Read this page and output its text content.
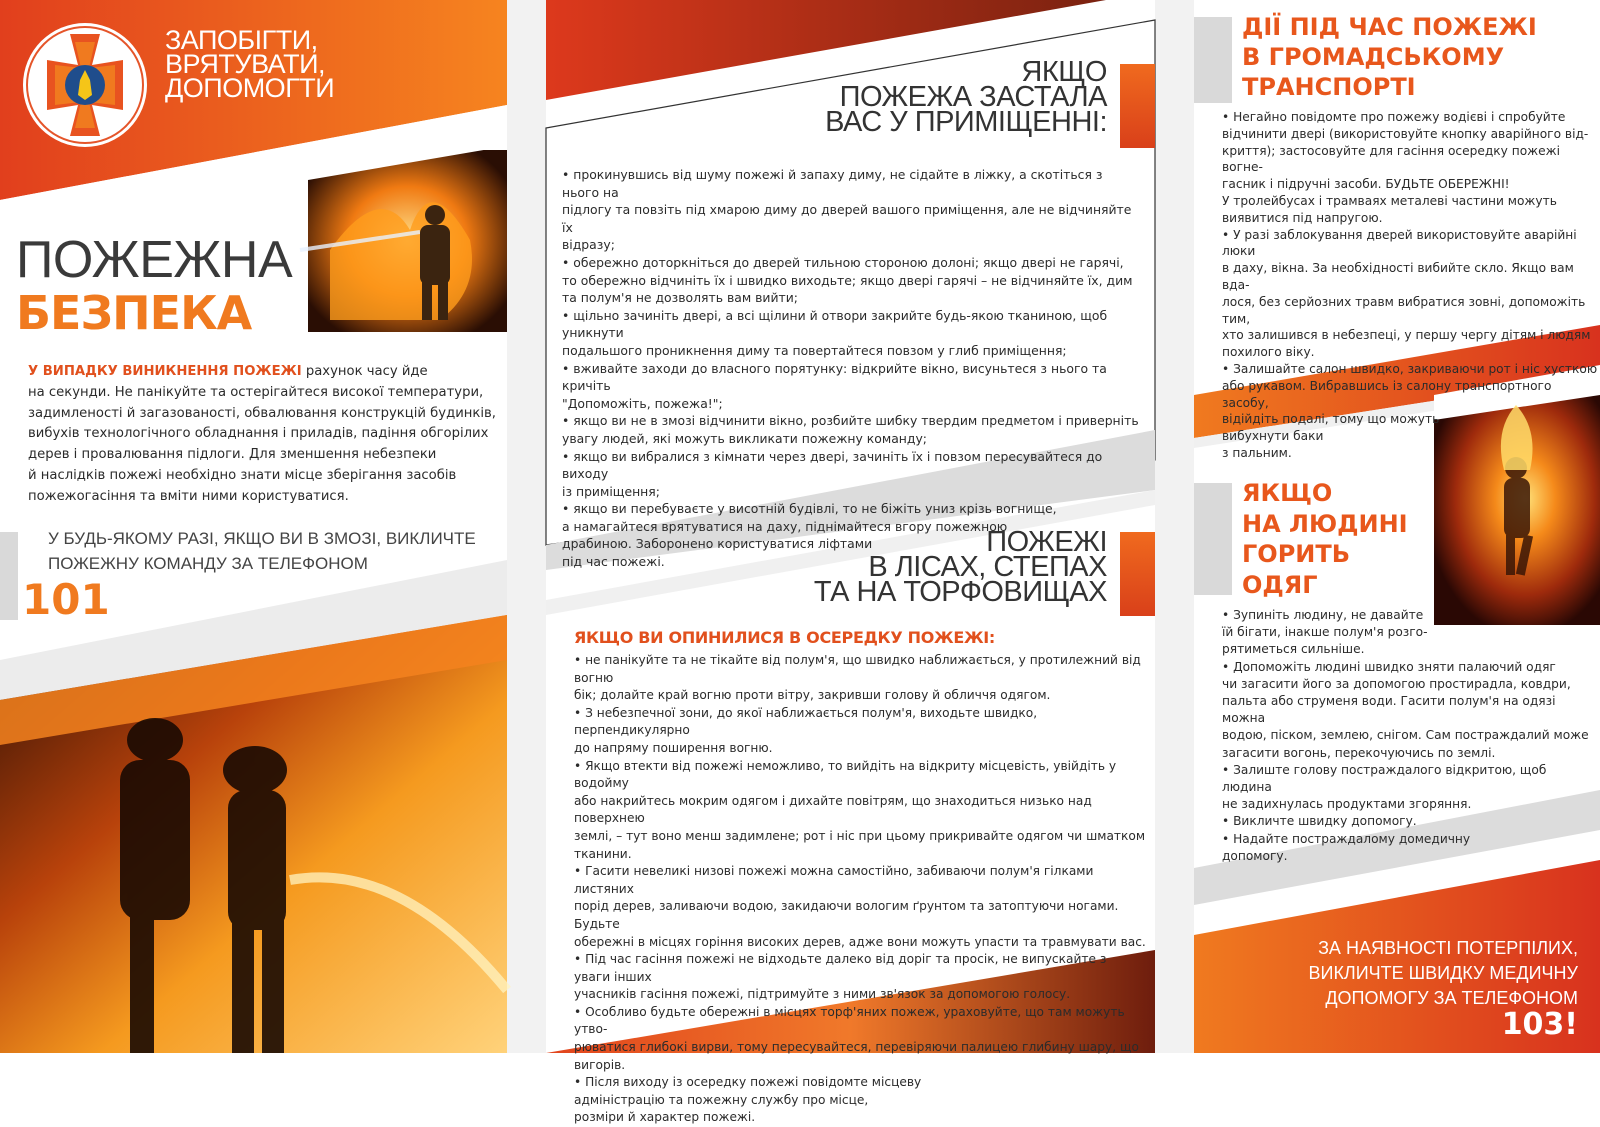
ЗАПОБІГТИ,
ВРЯТУВАТИ,
ДОПОМОГТИ
ПОЖЕЖНА
БЕЗПЕКА
У ВИПАДКУ ВИНИКНЕННЯ ПОЖЕЖІ рахунок часу йде
на секунди. Не панікуйте та остерігайтеся високої температури,
задимленості й загазованості, обвалювання конструкцій будинків,
вибухів технологічного обладнання і приладів, падіння обгорілих
дерев і провалювання підлоги. Для зменшення небезпеки
й наслідків пожежі необхідно знати місце зберігання засобів
пожежогасіння та вміти ними користуватися.
У БУДЬ-ЯКОМУ РАЗІ, ЯКЩО ВИ В ЗМОЗІ, ВИКЛИЧТЕ
ПОЖЕЖНУ КОМАНДУ ЗА ТЕЛЕФОНОМ
101
ЯКЩО
ПОЖЕЖА ЗАСТАЛА
ВАС У ПРИМІЩЕННІ:
• прокинувшись від шуму пожежі й запаху диму, не сідайте в ліжку, а скотіться з нього на
підлогу та повзіть під хмарою диму до дверей вашого приміщення, але не відчиняйте їх
відразу;
• обережно доторкніться до дверей тильною стороною долоні; якщо двері не гарячі,
то обережно відчиніть їх і швидко виходьте; якщо двері гарячі – не відчиняйте їх, дим
та полум'я не дозволять вам вийти;
• щільно зачиніть двері, а всі щілини й отвори закрийте будь-якою тканиною, щоб уникнути
подальшого проникнення диму та повертайтеся повзом у глиб приміщення;
• вживайте заходи до власного порятунку: відкрийте вікно, висуньтеся з нього та кричіть
"Допоможіть, пожежа!";
• якщо ви не в змозі відчинити вікно, розбийте шибку твердим предметом і приверніть
увагу людей, які можуть викликати пожежну команду;
• якщо ви вибралися з кімнати через двері, зачиніть їх і повзом пересувайтеся до виходу
із приміщення;
• якщо ви перебуваєте у висотній будівлі, то не біжіть униз крізь вогнище,
а намагайтеся врятуватися на даху, піднімайтеся вгору пожежною
драбиною. Заборонено користуватися ліфтами
під час пожежі.
ПОЖЕЖІ
В ЛІСАХ, СТЕПАХ
ТА НА ТОРФОВИЩАХ
ЯКЩО ВИ ОПИНИЛИСЯ В ОСЕРЕДКУ ПОЖЕЖІ:
• не панікуйте та не тікайте від полум'я, що швидко наближається, у протилежний від вогню
бік; долайте край вогню проти вітру, закривши голову й обличчя одягом.
• З небезпечної зони, до якої наближається полум'я, виходьте швидко, перпендикулярно
до напряму поширення вогню.
• Якщо втекти від пожежі неможливо, то вийдіть на відкриту місцевість, увійдіть у водойму
або накрийтесь мокрим одягом і дихайте повітрям, що знаходиться низько над поверхнею
землі, – тут воно менш задимлене; рот і ніс при цьому прикривайте одягом чи шматком
тканини.
• Гасити невеликі низові пожежі можна самостійно, забиваючи полум'я гілками листяних
порід дерев, заливаючи водою, закидаючи вологим ґрунтом та затоптуючи ногами. Будьте
обережні в місцях горіння високих дерев, адже вони можуть упасти та травмувати вас.
• Під час гасіння пожежі не відходьте далеко від доріг та просік, не випускайте з уваги інших
учасників гасіння пожежі, підтримуйте з ними зв'язок за допомогою голосу.
• Особливо будьте обережні в місцях торф'яних пожеж, ураховуйте, що там можуть утво-
рюватися глибокі вирви, тому пересувайтеся, перевіряючи палицею глибину шару, що
вигорів.
• Після виходу із осередку пожежі повідомте місцеву
адміністрацію та пожежну службу про місце,
розміри й характер пожежі.
ДІЇ ПІД ЧАС ПОЖЕЖІ
В ГРОМАДСЬКОМУ
ТРАНСПОРТІ
• Негайно повідомте про пожежу водієві і спробуйте
відчинити двері (використовуйте кнопку аварійного від-
криття); застосовуйте для гасіння осередку пожежі вогне-
гасник і підручні засоби. БУДЬТЕ ОБЕРЕЖНІ!
У тролейбусах і трамваях металеві частини можуть
виявитися під напругою.
• У разі заблокування дверей використовуйте аварійні люки
в даху, вікна. За необхідності вибийте скло. Якщо вам вда-
лося, без серйозних травм вибратися зовні, допоможіть тим,
хто залишився в небезпеці, у першу чергу дітям і людям
похилого віку.
• Залишайте салон швидко, закриваючи рот і ніс хусткою
або рукавом. Вибравшись із салону транспортного засобу,
відійдіть подалі, тому що можуть
вибухнути баки
з пальним.
ЯКЩО
НА ЛЮДИНІ
ГОРИТЬ
ОДЯГ
• Зупиніть людину, не давайте
їй бігати, інакше полум'я розго-
рятиметься сильніше.
• Допоможіть людині швидко зняти палаючий одяг
чи загасити його за допомогою простирадла, ковдри,
пальта або струменя води. Гасити полум'я на одязі можна
водою, піском, землею, снігом. Сам постраждалий може
загасити вогонь, перекочуючись по землі.
• Залиште голову постраждалого відкритою, щоб людина
не задихнулась продуктами згоряння.
• Викличте швидку допомогу.
• Надайте постраждалому домедичну
допомогу.
ЗА НАЯВНОСТІ ПОТЕРПІЛИХ,
ВИКЛИЧТЕ ШВИДКУ МЕДИЧНУ
ДОПОМОГУ ЗА ТЕЛЕФОНОМ
103!
